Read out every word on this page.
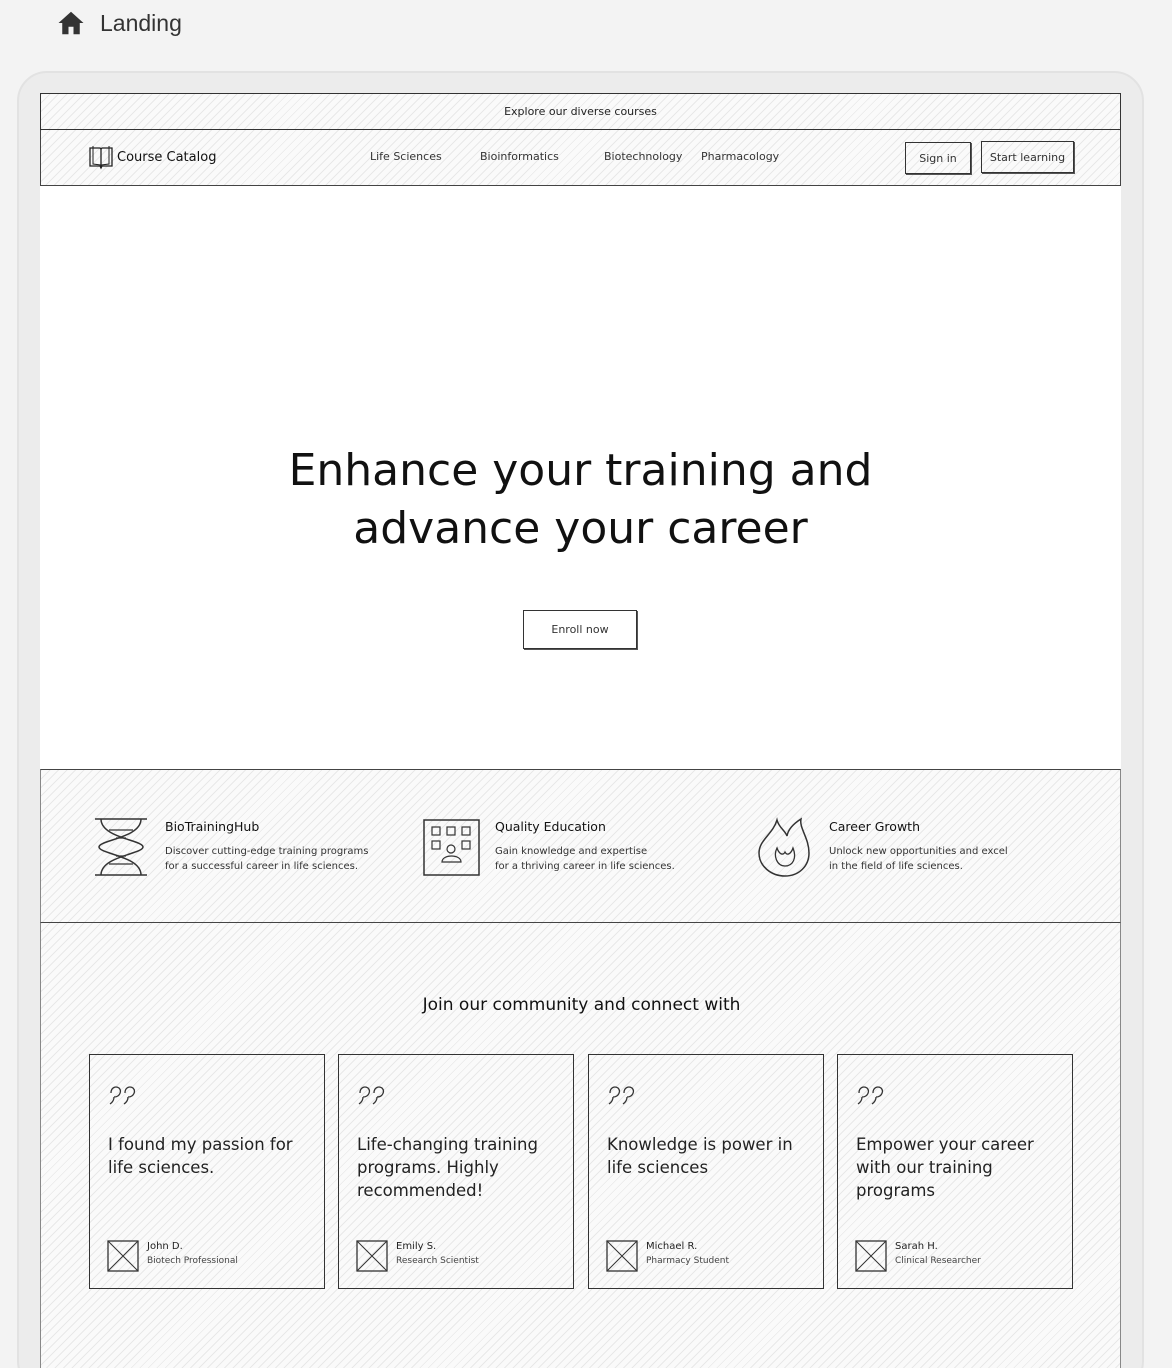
Landing
Explore our diverse courses
Course Catalog	Life Sciences	Bioinformatics	Biotechnology Pharmacology	Sign in	Start learning
Enhance your training and
advance your career
Enroll now
BioTrainingHub
Discover cutting-edge training programs
for a successful career in life sciences.
Quality Education
Gain knowledge and expertise
for a thriving career in life sciences.
Career Growth
Unlock new opportunities and excel
in the field of life sciences.
Join our community and connect with
I found my passion for life sciences.
John D.
Biotech Professional
Life-changing training programs. Highly recommended!
Emily S.
Research Scientist
Knowledge is power in life sciences
Michael R.
Pharmacy Student
Empower your career with our training programs
Sarah H.
Clinical Researcher
